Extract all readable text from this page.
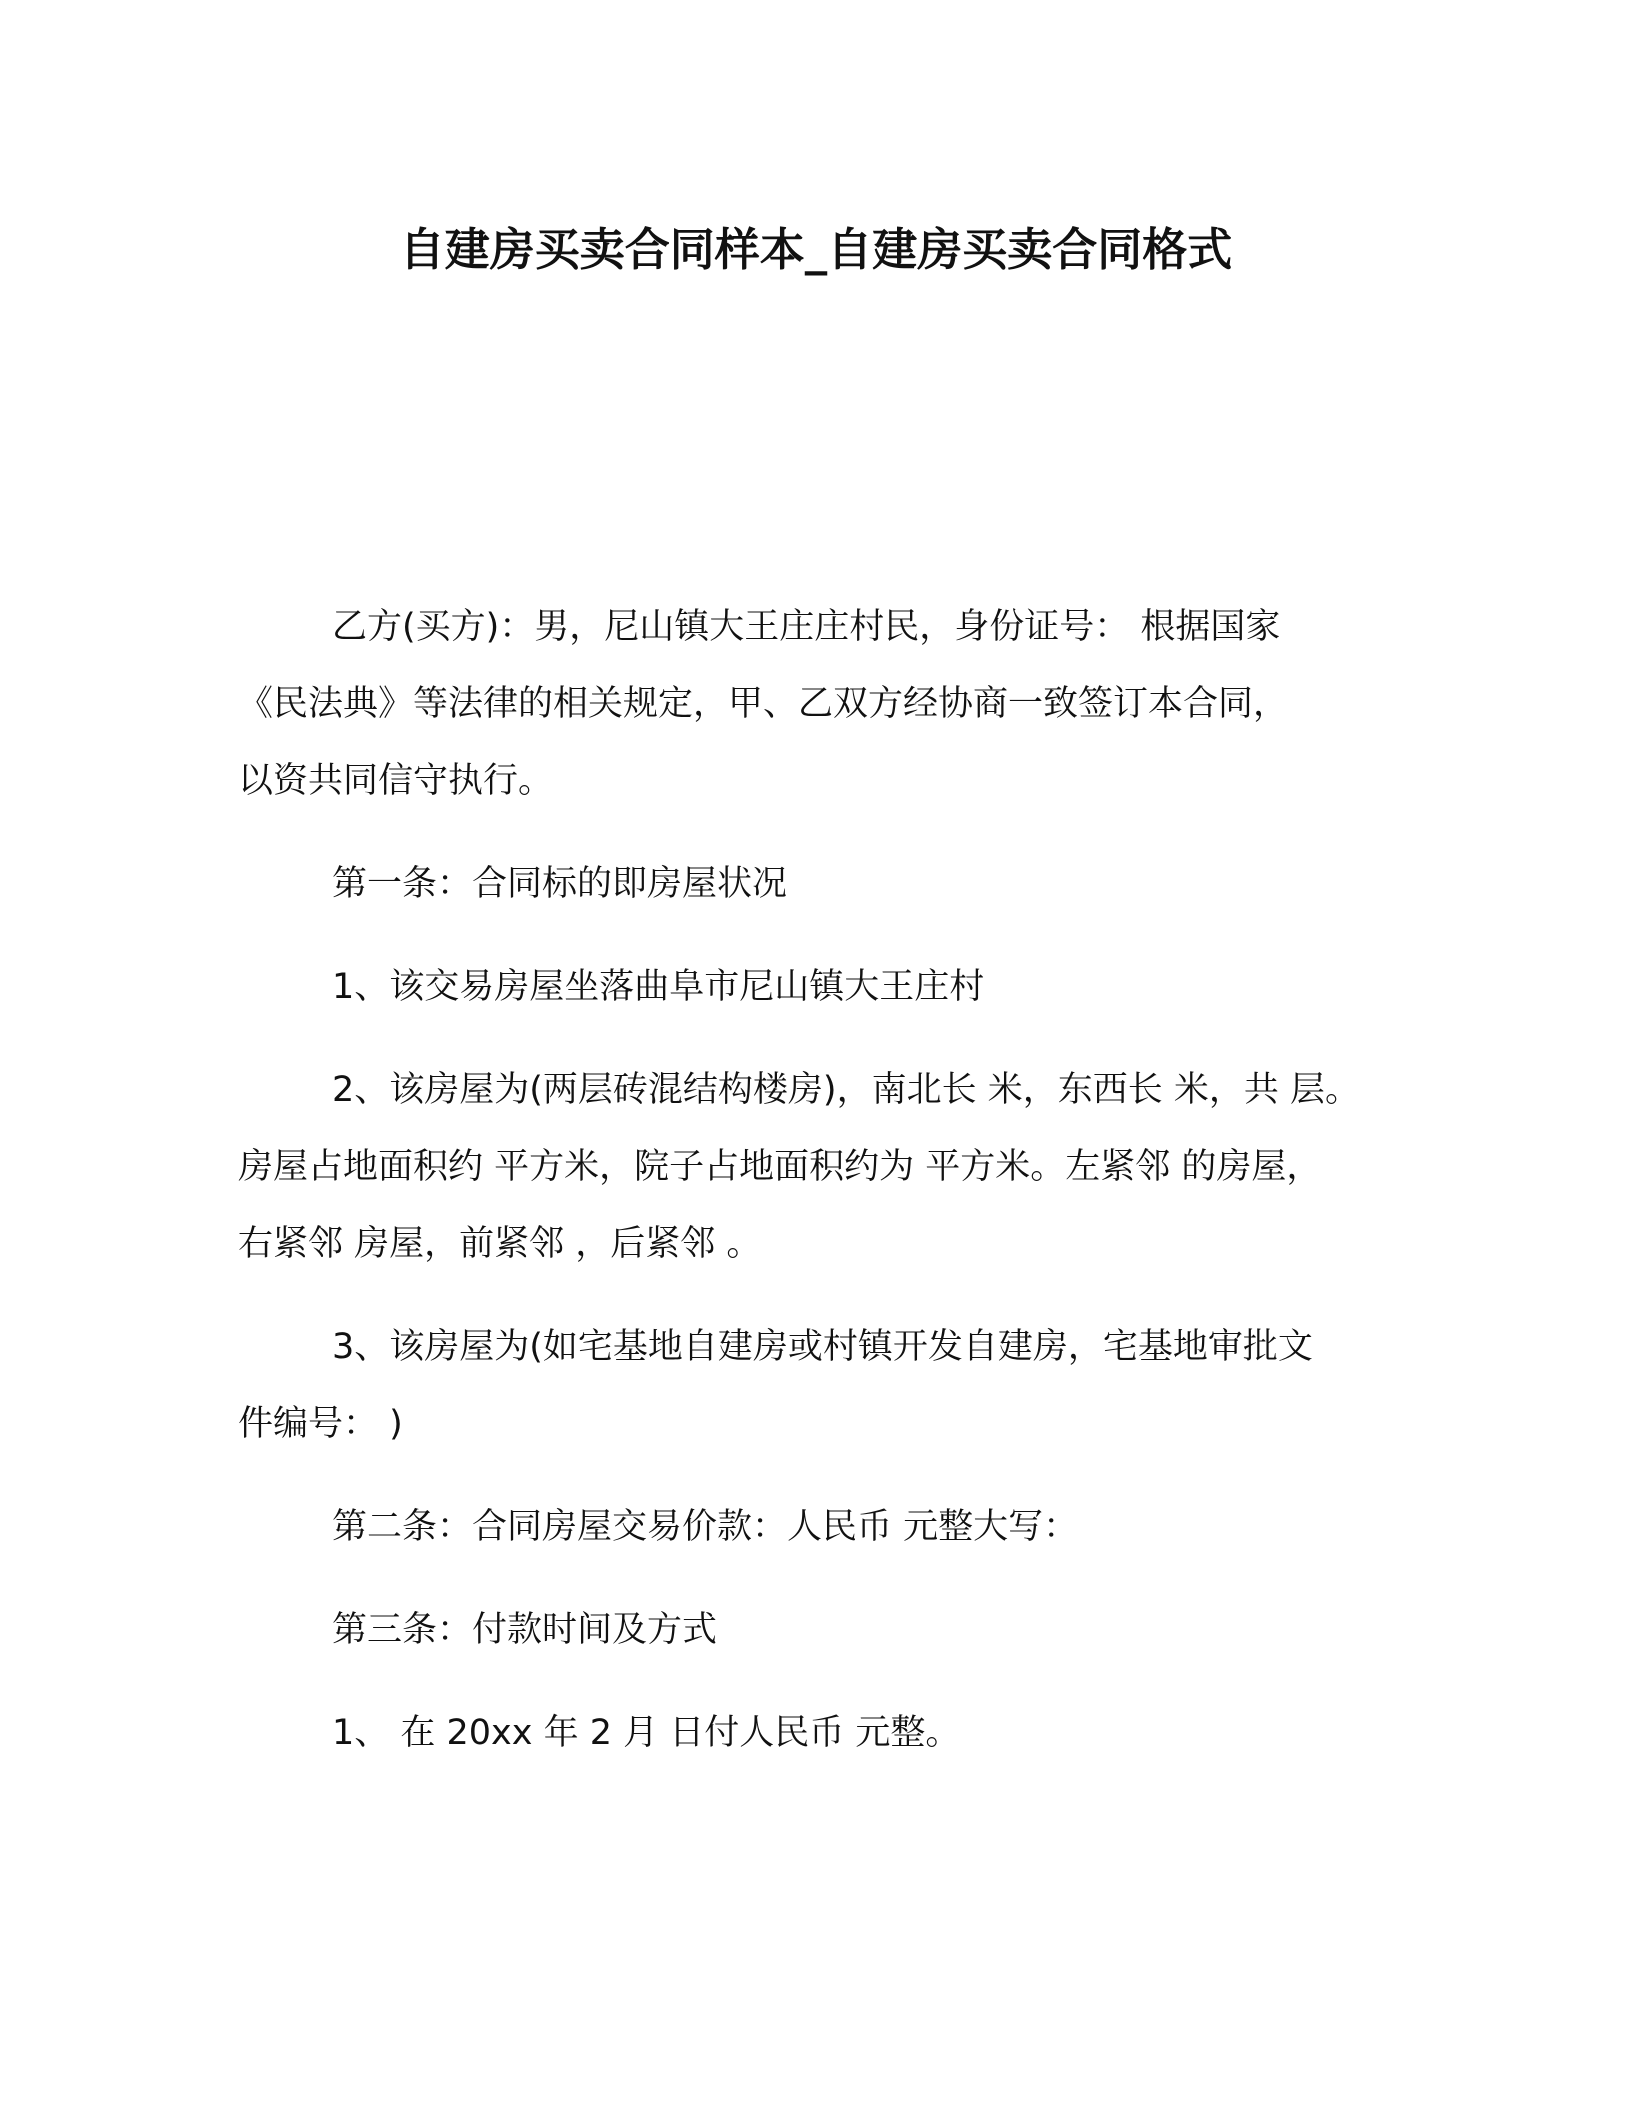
自建房买卖合同样本_自建房买卖合同格式

乙方(买方)：男，尼山镇大王庄庄村民，身份证号： 根据国家
《民法典》等法律的相关规定，甲、乙双方经协商一致签订本合同，
以资共同信守执行。

第一条：合同标的即房屋状况

1、该交易房屋坐落曲阜市尼山镇大王庄村

2、该房屋为(两层砖混结构楼房)，南北长 米，东西长 米，共 层。
房屋占地面积约 平方米，院子占地面积约为 平方米。左紧邻 的房屋，
右紧邻 房屋，前紧邻 ，后紧邻 。

3、该房屋为(如宅基地自建房或村镇开发自建房，宅基地审批文
件编号： )

第二条：合同房屋交易价款：人民币 元整大写：

第三条：付款时间及方式

1、 在 20xx 年 2 月 日付人民币 元整。
